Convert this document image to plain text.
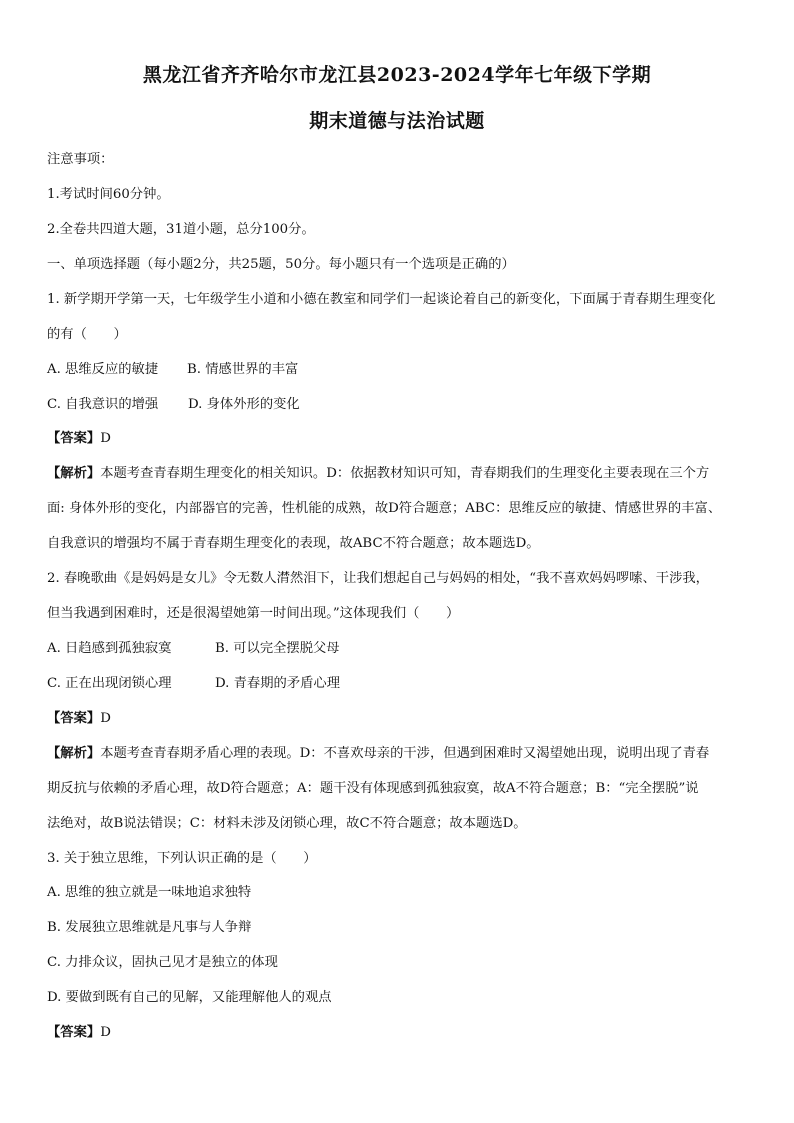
黑龙江省齐齐哈尔市龙江县2023-2024学年七年级下学期
期末道德与法治试题
注意事项：
1.考试时间60分钟。
2.全卷共四道大题，31道小题，总分100分。
一、单项选择题（每小题2分，共25题，50分。每小题只有一个选项是正确的）
1. 新学期开学第一天，七年级学生小道和小德在教室和同学们一起谈论着自己的新变化，下面属于青春期生理变化
的有（　　）
A. 思维反应的敏捷 B. 情感世界的丰富
C. 自我意识的增强 D. 身体外形的变化
【答案】D
【解析】本题考查青春期生理变化的相关知识。D：依据教材知识可知，青春期我们的生理变化主要表现在三个方
面: 身体外形的变化，内部器官的完善，性机能的成熟，故D符合题意；ABC：思维反应的敏捷、情感世界的丰富、
自我意识的增强均不属于青春期生理变化的表现，故ABC不符合题意；故本题选D。
2. 春晚歌曲《是妈妈是女儿》令无数人潸然泪下，让我们想起自己与妈妈的相处，“我不喜欢妈妈啰嗦、干涉我，
但当我遇到困难时，还是很渴望她第一时间出现。”这体现我们（　　）
A. 日趋感到孤独寂寞	B. 可以完全摆脱父母
C. 正在出现闭锁心理	D. 青春期的矛盾心理
【答案】D
【解析】本题考查青春期矛盾心理的表现。D：不喜欢母亲的干涉，但遇到困难时又渴望她出现，说明出现了青春
期反抗与依赖的矛盾心理，故D符合题意；A：题干没有体现感到孤独寂寞，故A不符合题意；B：“完全摆脱”说
法绝对，故B说法错误；C：材料未涉及闭锁心理，故C不符合题意；故本题选D。
3. 关于独立思维，下列认识正确的是（　　）
A. 思维的独立就是一味地追求独特
B. 发展独立思维就是凡事与人争辩
C. 力排众议，固执己见才是独立的体现
D. 要做到既有自己的见解，又能理解他人的观点
【答案】D
